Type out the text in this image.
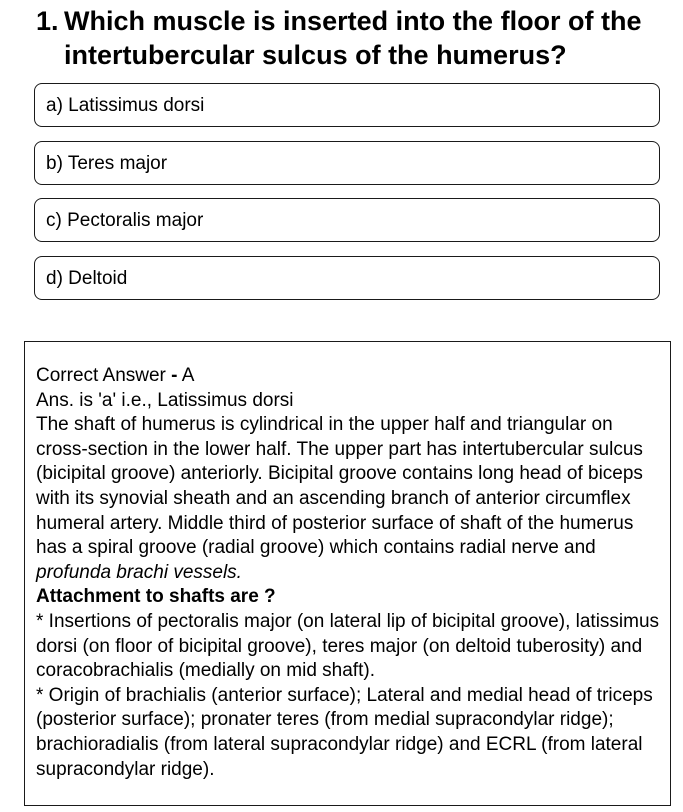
1. Which muscle is inserted into the floor of the intertubercular sulcus of the humerus?
a) Latissimus dorsi
b) Teres major
c) Pectoralis major
d) Deltoid

Correct Answer - A

Ans. is 'a' i.e., Latissimus dorsi

The shaft of humerus is cylindrical in the upper half and triangular on cross-section in the lower half. The upper part has intertubercular sulcus (bicipital groove) anteriorly. Bicipital groove contains long head of biceps with its synovial sheath and an ascending branch of anterior circumflex humeral artery. Middle third of posterior surface of shaft of the humerus has a spiral groove (radial groove) which contains radial nerve and profunda brachi vessels.

Attachment to shafts are ?

* Insertions of pectoralis major (on lateral lip of bicipital groove), latissimus dorsi (on floor of bicipital groove), teres major (on deltoid tuberosity) and coracobrachialis (medially on mid shaft).

* Origin of brachialis (anterior surface); Lateral and medial head of triceps (posterior surface); pronater teres (from medial supracondylar ridge); brachioradialis (from lateral supracondylar ridge) and ECRL (from lateral supracondylar ridge).
